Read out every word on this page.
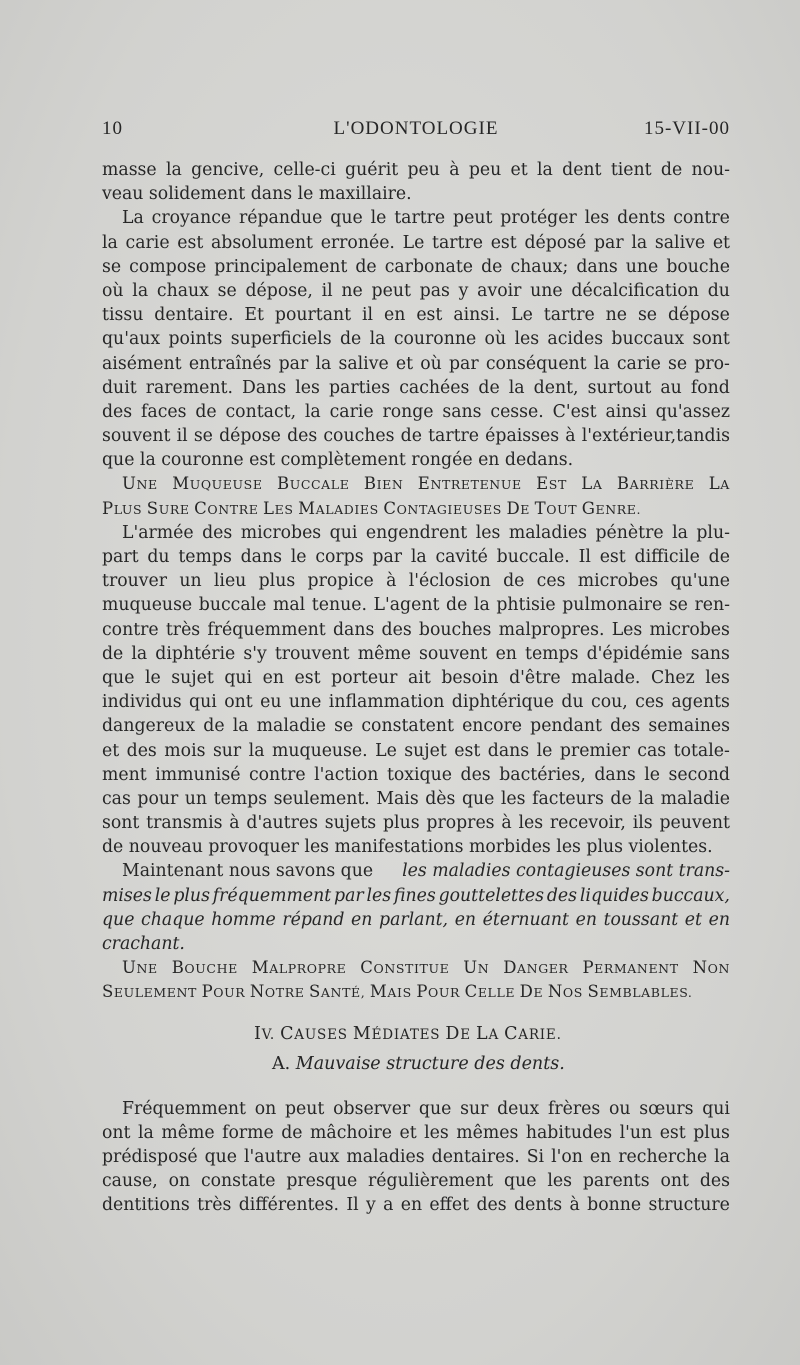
10	L'ODONTOLOGIE	15-VII-00
masse la gencive, celle-ci guérit peu à peu et la dent tient de nou-
veau solidement dans le maxillaire.
La croyance répandue que le tartre peut protéger les dents contre
la carie est absolument erronée. Le tartre est déposé par la salive et
se compose principalement de carbonate de chaux; dans une bouche
où la chaux se dépose, il ne peut pas y avoir une décalcification du
tissu dentaire. Et pourtant il en est ainsi. Le tartre ne se dépose
qu'aux points superficiels de la couronne où les acides buccaux sont
aisément entraînés par la salive et où par conséquent la carie se pro-
duit rarement. Dans les parties cachées de la dent, surtout au fond
des faces de contact, la carie ronge sans cesse. C'est ainsi qu'assez
souvent il se dépose des couches de tartre épaisses à l'extérieur,tandis
que la couronne est complètement rongée en dedans.
UNE MUQUEUSE BUCCALE BIEN ENTRETENUE EST LA BARRIÈRE LA
PLUS SURE CONTRE LES MALADIES CONTAGIEUSES DE TOUT GENRE.
L'armée des microbes qui engendrent les maladies pénètre la plu-
part du temps dans le corps par la cavité buccale. Il est difficile de
trouver un lieu plus propice à l'éclosion de ces microbes qu'une
muqueuse buccale mal tenue. L'agent de la phtisie pulmonaire se ren-
contre très fréquemment dans des bouches malpropres. Les microbes
de la diphtérie s'y trouvent même souvent en temps d'épidémie sans
que le sujet qui en est porteur ait besoin d'être malade. Chez les
individus qui ont eu une inflammation diphtérique du cou, ces agents
dangereux de la maladie se constatent encore pendant des semaines
et des mois sur la muqueuse. Le sujet est dans le premier cas totale-
ment immunisé contre l'action toxique des bactéries, dans le second
cas pour un temps seulement. Mais dès que les facteurs de la maladie
sont transmis à d'autres sujets plus propres à les recevoir, ils peuvent
de nouveau provoquer les manifestations morbides les plus violentes.
Maintenant nous savons que les maladies contagieuses sont trans-
mises le plus fréquemment par les fines gouttelettes des liquides buccaux,
que chaque homme répand en parlant, en éternuant en toussant et en
crachant.
UNE BOUCHE MALPROPRE CONSTITUE UN DANGER PERMANENT NON
SEULEMENT POUR NOTRE SANTÉ, MAIS POUR CELLE DE NOS SEMBLABLES.
IV. CAUSES MÉDIATES DE LA CARIE.
A. Mauvaise structure des dents.
Fréquemment on peut observer que sur deux frères ou sœurs qui
ont la même forme de mâchoire et les mêmes habitudes l'un est plus
prédisposé que l'autre aux maladies dentaires. Si l'on en recherche la
cause, on constate presque régulièrement que les parents ont des
dentitions très différentes. Il y a en effet des dents à bonne structure
